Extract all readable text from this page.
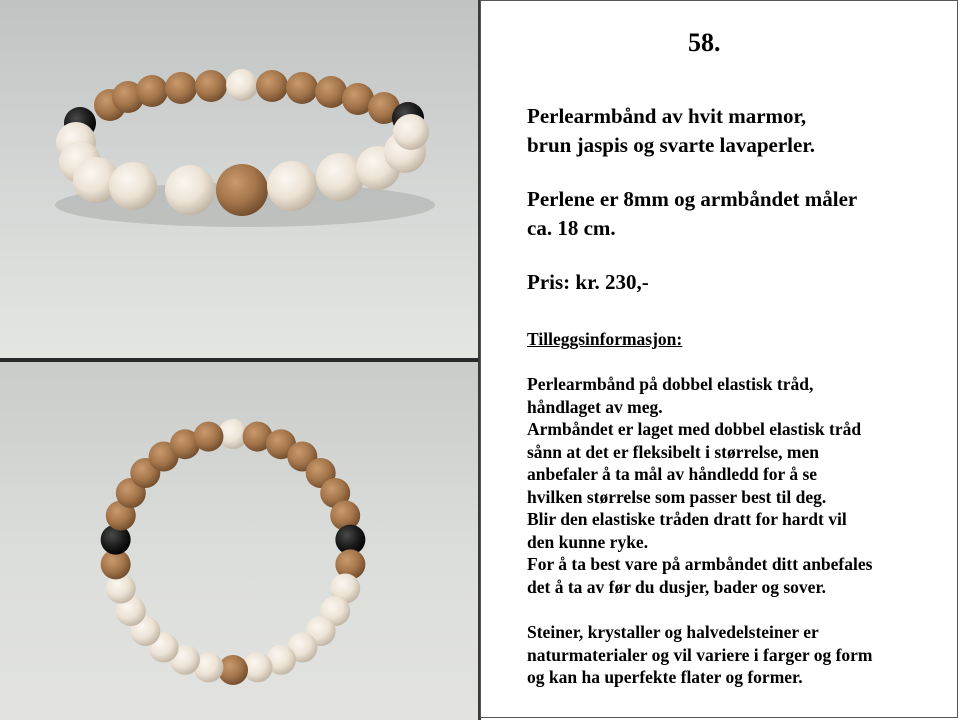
58.
Perlearmbånd av hvit marmor,
brun jaspis og svarte lavaperler.
Perlene er 8mm og armbåndet måler
ca. 18 cm.
Pris: kr. 230,-
Tilleggsinformasjon:
Perlearmbånd på dobbel elastisk tråd,
håndlaget av meg.
Armbåndet er laget med dobbel elastisk tråd
sånn at det er fleksibelt i størrelse, men
anbefaler å ta mål av håndledd for å se
hvilken størrelse som passer best til deg.
Blir den elastiske tråden dratt for hardt vil
den kunne ryke.
For å ta best vare på armbåndet ditt anbefales
det å ta av før du dusjer, bader og sover.
Steiner, krystaller og halvedelsteiner er
naturmaterialer og vil variere i farger og form
og kan ha uperfekte flater og former.
